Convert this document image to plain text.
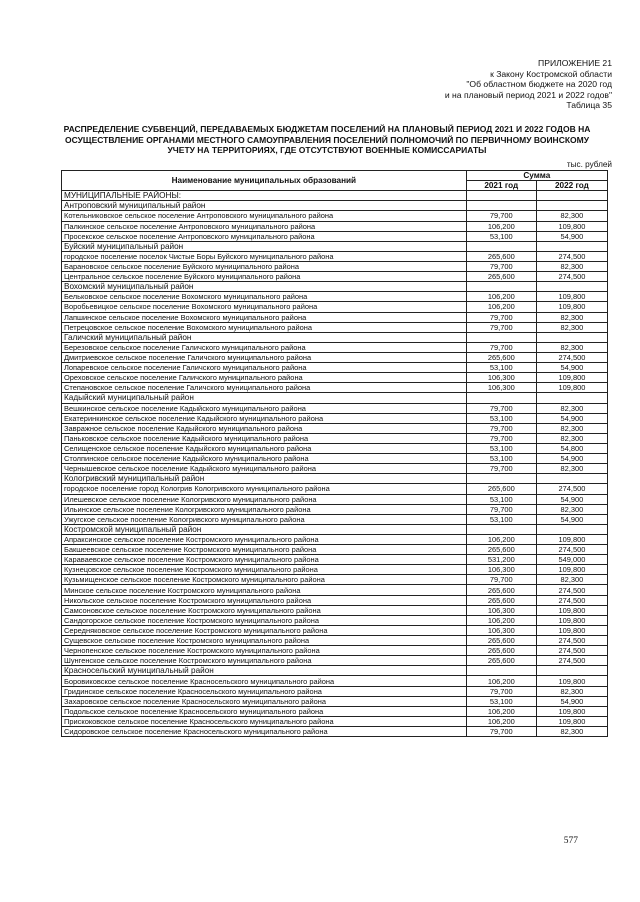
ПРИЛОЖЕНИЕ 21
к Закону Костромской области
"Об областном бюджете на 2020 год
и на плановый период 2021 и 2022 годов"
Таблица 35
РАСПРЕДЕЛЕНИЕ СУБВЕНЦИЙ, ПЕРЕДАВАЕМЫХ БЮДЖЕТАМ ПОСЕЛЕНИЙ НА ПЛАНОВЫЙ ПЕРИОД 2021 И 2022 ГОДОВ НА ОСУЩЕСТВЛЕНИЕ ОРГАНАМИ МЕСТНОГО САМОУПРАВЛЕНИЯ ПОСЕЛЕНИЙ ПОЛНОМОЧИЙ ПО ПЕРВИЧНОМУ ВОИНСКОМУ УЧЕТУ НА ТЕРРИТОРИЯХ, ГДЕ ОТСУТСТВУЮТ ВОЕННЫЕ КОМИССАРИАТЫ
тыс. рублей
Наименование муниципальных образований	Сумма	
	2021 год	2022 год
МУНИЦИПАЛЬНЫЕ РАЙОНЫ:		
Антроповский муниципальный район		
Котельниковское сельское поселение Антроповского муниципального района	79,700	82,300
Палкинское сельское поселение Антроповского муниципального района	106,200	109,800
Просекское сельское поселение Антроповского муниципального района	53,100	54,900
Буйский муниципальный район		
городское поселение поселок Чистые Боры Буйского муниципального района	265,600	274,500
Барановское сельское поселение Буйского муниципального района	79,700	82,300
Центральное сельское поселение Буйского муниципального района	265,600	274,500
Вохомский муниципальный район		
Бельковское сельское поселение Вохомского муниципального района	106,200	109,800
Воробьевицкое сельское поселение Вохомского муниципального района	106,200	109,800
Лапшинское сельское поселение Вохомского муниципального района	79,700	82,300
Петрецовское сельское поселение Вохомского муниципального района	79,700	82,300
Галичский муниципальный район		
Березовское сельское поселение Галичского муниципального района	79,700	82,300
Дмитриевское сельское поселение Галичского муниципального района	265,600	274,500
Лопаревское сельское поселение Галичского муниципального района	53,100	54,900
Ореховское сельское поселение Галичского муниципального района	106,300	109,800
Степановское сельское поселение Галичского муниципального района	106,300	109,800
Кадыйский муниципальный район		
Вешкинское сельское поселение Кадыйского муниципального района	79,700	82,300
Екатеринкинское сельское поселение Кадыйского муниципального района	53,100	54,900
Завражное сельское поселение Кадыйского муниципального района	79,700	82,300
Паньковское сельское поселение Кадыйского муниципального района	79,700	82,300
Селищенское сельское поселение Кадыйского муниципального района	53,100	54,800
Столпинское сельское поселение Кадыйского муниципального района	53,100	54,900
Чернышевское сельское поселение Кадыйского муниципального района	79,700	82,300
Кологривский муниципальный район		
городское поселение город Кологрив Кологривского муниципального района	265,600	274,500
Илешевское сельское поселение Кологривского муниципального района	53,100	54,900
Ильинское сельское поселение Кологривского муниципального района	79,700	82,300
Ужугское сельское поселение Кологривского муниципального района	53,100	54,900
Костромской муниципальный район		
Апраксинское сельское поселение Костромского муниципального района	106,200	109,800
Бакшеевское сельское поселение Костромского муниципального района	265,600	274,500
Караваевское сельское поселение Костромского муниципального района	531,200	549,000
Кузнецовское сельское поселение Костромского муниципального района	106,300	109,800
Кузьмищенское сельское поселение Костромского муниципального района	79,700	82,300
Минское сельское поселение Костромского муниципального района	265,600	274,500
Никольское сельское поселение Костромского муниципального района	265,600	274,500
Самсоновское сельское поселение Костромского муниципального района	106,300	109,800
Сандогорское сельское поселение Костромского муниципального района	106,200	109,800
Середняковское сельское поселение Костромского муниципального района	106,300	109,800
Сущевское сельское поселение Костромского муниципального района	265,600	274,500
Чернопенское сельское поселение Костромского муниципального района	265,600	274,500
Шунгенское сельское поселение Костромского муниципального района	265,600	274,500
Красносельский муниципальный район		
Боровиковское сельское поселение Красносельского муниципального района	106,200	109,800
Гридинское сельское поселение Красносельского муниципального района	79,700	82,300
Захаровское сельское поселение Красносельского муниципального района	53,100	54,900
Подольское сельское поселение Красносельского муниципального района	106,200	109,800
Прискоковское сельское поселение Красносельского муниципального района	106,200	109,800
Сидоровское сельское поселение Красносельского муниципального района	79,700	82,300
577
